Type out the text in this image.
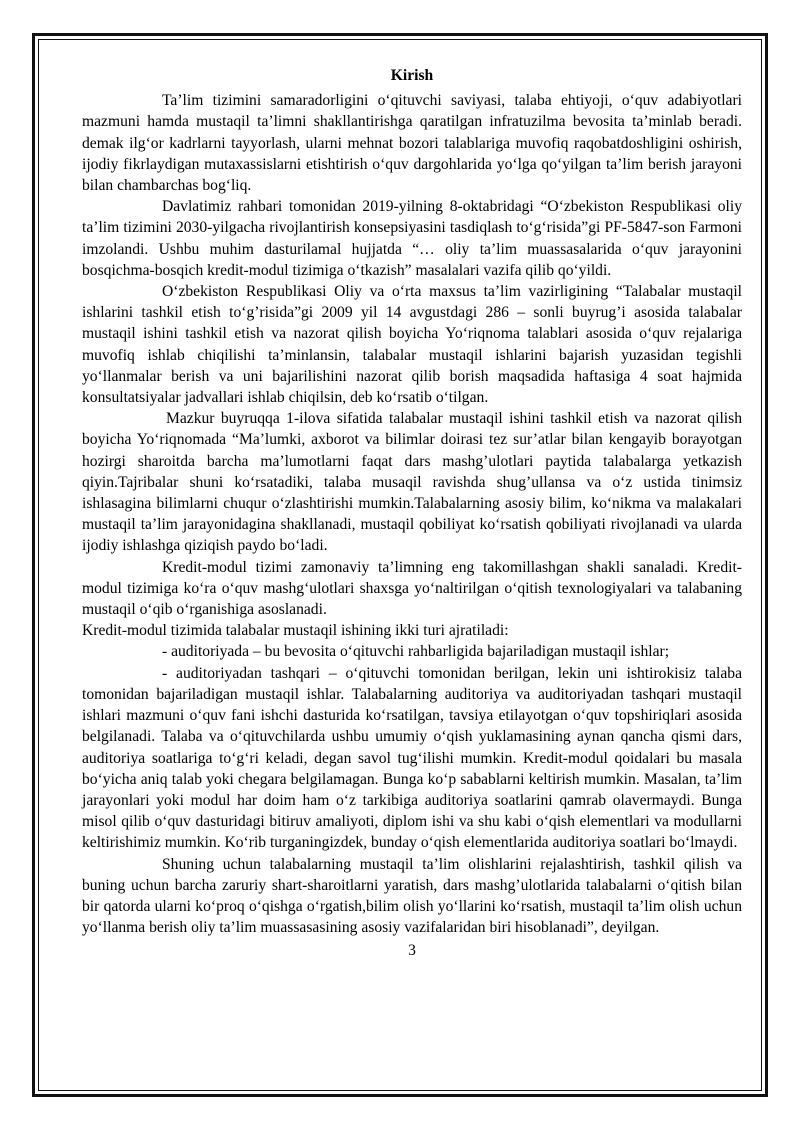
Kirish

Ta’lim tizimini samaradorligini o‘qituvchi saviyasi, talaba ehtiyoji, o‘quv adabiyotlari mazmuni hamda mustaqil ta’limni shakllantirishga qaratilgan infratuzilma bevosita ta’minlab beradi. demak ilg‘or kadrlarni tayyorlash, ularni mehnat bozori talablariga muvofiq raqobatdoshligini oshirish, ijodiy fikrlaydigan mutaxassislarni etishtirish o‘quv dargohlarida yo‘lga qo‘yilgan ta’lim berish jarayoni bilan chambarchas bog‘liq.

Davlatimiz rahbari tomonidan 2019-yilning 8-oktabridagi “O‘zbekiston Respublikasi oliy ta’lim tizimini 2030-yilgacha rivojlantirish konsepsiyasini tasdiqlash to‘g‘risida”gi PF-5847-son Farmoni imzolandi. Ushbu muhim dasturilamal hujjatda “… oliy ta’lim muassasalarida o‘quv jarayonini bosqichma-bosqich kredit-modul tizimiga o‘tkazish” masalalari vazifa qilib qo‘yildi.

O‘zbekiston Respublikasi Oliy va o‘rta maxsus ta’lim vazirligining “Talabalar mustaqil ishlarini tashkil etish to‘g’risida”gi 2009 yil 14 avgustdagi 286 – sonli buyrug’i asosida talabalar mustaqil ishini tashkil etish va nazorat qilish boyicha Yo‘riqnoma talablari asosida o‘quv rejalariga muvofiq ishlab chiqilishi ta’minlansin, talabalar mustaqil ishlarini bajarish yuzasidan tegishli yo‘llanmalar berish va uni bajarilishini nazorat qilib borish maqsadida haftasiga 4 soat hajmida konsultatsiyalar jadvallari ishlab chiqilsin, deb ko‘rsatib o‘tilgan.

Mazkur buyruqqa 1-ilova sifatida talabalar mustaqil ishini tashkil etish va nazorat qilish boyicha Yo‘riqnomada “Ma’lumki, axborot va bilimlar doirasi tez sur’atlar bilan kengayib borayotgan hozirgi sharoitda barcha ma’lumotlarni faqat dars mashg’ulotlari paytida talabalarga yetkazish qiyin.Tajribalar shuni ko‘rsatadiki, talaba musaqil ravishda shug’ullansa va o‘z ustida tinimsiz ishlasagina bilimlarni chuqur o‘zlashtirishi mumkin.Talabalarning asosiy bilim, ko‘nikma va malakalari mustaqil ta’lim jarayonidagina shakllanadi, mustaqil qobiliyat ko‘rsatish qobiliyati rivojlanadi va ularda ijodiy ishlashga qiziqish paydo bo‘ladi.

Kredit-modul tizimi zamonaviy ta’limning eng takomillashgan shakli sanaladi. Kredit-modul tizimiga ko‘ra o‘quv mashg‘ulotlari shaxsga yo‘naltirilgan o‘qitish texnologiyalari va talabaning mustaqil o‘qib o‘rganishiga asoslanadi.

Kredit-modul tizimida talabalar mustaqil ishining ikki turi ajratiladi:

- auditoriyada – bu bevosita o‘qituvchi rahbarligida bajariladigan mustaqil ishlar;

- auditoriyadan tashqari – o‘qituvchi tomonidan berilgan, lekin uni ishtirokisiz talaba tomonidan bajariladigan mustaqil ishlar. Talabalarning auditoriya va auditoriyadan tashqari mustaqil ishlari mazmuni o‘quv fani ishchi dasturida ko‘rsatilgan, tavsiya etilayotgan o‘quv topshiriqlari asosida belgilanadi. Talaba va o‘qituvchilarda ushbu umumiy o‘qish yuklamasining aynan qancha qismi dars, auditoriya soatlariga to‘g‘ri keladi, degan savol tug‘ilishi mumkin. Kredit-modul qoidalari bu masala bo‘yicha aniq talab yoki chegara belgilamagan. Bunga ko‘p sabablarni keltirish mumkin. Masalan, ta’lim jarayonlari yoki modul har doim ham o‘z tarkibiga auditoriya soatlarini qamrab olavermaydi. Bunga misol qilib o‘quv dasturidagi bitiruv amaliyoti, diplom ishi va shu kabi o‘qish elementlari va modullarni keltirishimiz mumkin. Ko‘rib turganingizdek, bunday o‘qish elementlarida auditoriya soatlari bo‘lmaydi.

Shuning uchun talabalarning mustaqil ta’lim olishlarini rejalashtirish, tashkil qilish va buning uchun barcha zaruriy shart-sharoitlarni yaratish, dars mashg’ulotlarida talabalarni o‘qitish bilan bir qatorda ularni ko‘proq o‘qishga o‘rgatish,bilim olish yo‘llarini ko‘rsatish, mustaqil ta’lim olish uchun yo‘llanma berish oliy ta’lim muassasasining asosiy vazifalaridan biri hisoblanadi”, deyilgan.

3
